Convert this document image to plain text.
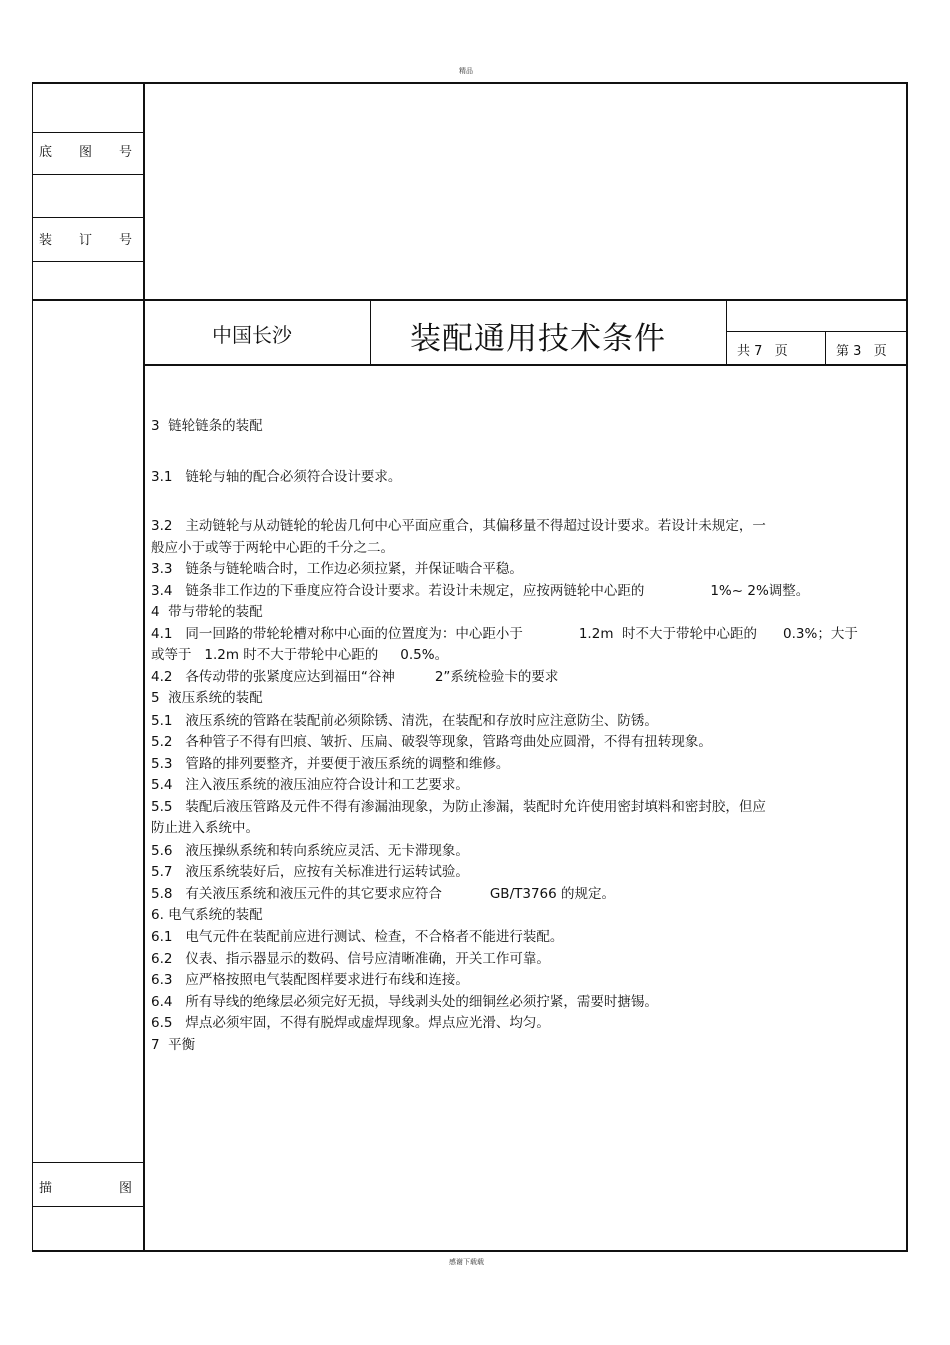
精品
感谢下载载
底 图 号
装 订 号
描	图
中国长沙	装配通用技术条件	共 7   页	第 3   页
3  链轮链条的装配
3.1   链轮与轴的配合必须符合设计要求。
3.2   主动链轮与从动链轮的轮齿几何中心平面应重合，其偏移量不得超过设计要求。若设计未规定，一
般应小于或等于两轮中心距的千分之二。
3.3   链条与链轮啮合时，工作边必须拉紧，并保证啮合平稳。
3.4   链条非工作边的下垂度应符合设计要求。若设计未规定，应按两链轮中心距的	1%~ 2%调整。
4  带与带轮的装配
4.1   同一回路的带轮轮槽对称中心面的位置度为：中心距小于	1.2m  时不大于带轮中心距的 0.3%；大于
或等于   1.2m 时不大于带轮中心距的 0.5%。
4.2   各传动带的张紧度应达到福田“谷神	2”系统检验卡的要求
5  液压系统的装配
5.1   液压系统的管路在装配前必须除锈、清洗，在装配和存放时应注意防尘、防锈。
5.2   各种管子不得有凹痕、皱折、压扁、破裂等现象，管路弯曲处应圆滑，不得有扭转现象。
5.3   管路的排列要整齐，并要便于液压系统的调整和维修。
5.4   注入液压系统的液压油应符合设计和工艺要求。
5.5   装配后液压管路及元件不得有渗漏油现象，为防止渗漏，装配时允许使用密封填料和密封胶，但应
防止进入系统中。
5.6   液压操纵系统和转向系统应灵活、无卡滞现象。
5.7   液压系统装好后，应按有关标准进行运转试验。
5.8   有关液压系统和液压元件的其它要求应符合	GB/T3766 的规定。
6. 电气系统的装配
6.1   电气元件在装配前应进行测试、检查，不合格者不能进行装配。
6.2   仪表、指示器显示的数码、信号应清晰准确，开关工作可靠。
6.3   应严格按照电气装配图样要求进行布线和连接。
6.4   所有导线的绝缘层必须完好无损，导线剥头处的细铜丝必须拧紧，需要时搪锡。
6.5   焊点必须牢固，不得有脱焊或虚焊现象。焊点应光滑、均匀。
7  平衡
